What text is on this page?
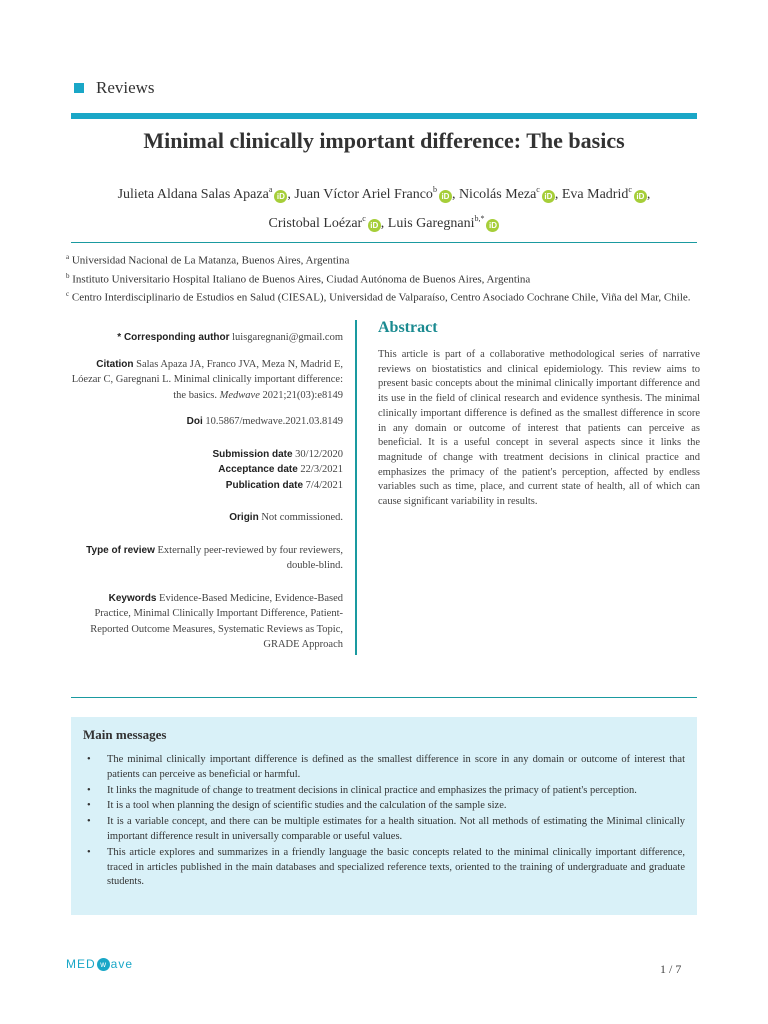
Reviews
Minimal clinically important difference: The basics
Julieta Aldana Salas Apaza$^a$iD , Juan Víctor Ariel Franco$^b$iD , Nicolás Meza$^c$iD , Eva Madrid$^c$iD ,
Cristobal Loézar$^c$iD , Luis Garegnani$^{b,*}$iD
$^a$ Universidad Nacional de La Matanza, Buenos Aires, Argentina
$^b$ Instituto Universitario Hospital Italiano de Buenos Aires, Ciudad Autónoma de Buenos Aires, Argentina
$^c$ Centro Interdisciplinario de Estudios en Salud (CIESAL), Universidad de Valparaíso, Centro Asociado Cochrane Chile, Viña del Mar, Chile.
* Corresponding author luisgaregnani@gmail.com
Citation Salas Apaza JA, Franco JVA, Meza N, Madrid E, Lóezar C, Garegnani L. Minimal clinically important difference: the basics. Medwave 2021;21(03):e8149
Doi 10.5867/medwave.2021.03.8149
Submission date 30/12/2020
Acceptance date 22/3/2021
Publication date 7/4/2021
Origin Not commissioned.
Type of review Externally peer-reviewed by four reviewers, double-blind.
Keywords Evidence-Based Medicine, Evidence-Based Practice, Minimal Clinically Important Difference, Patient-Reported Outcome Measures, Systematic Reviews as Topic, GRADE Approach
Abstract

This article is part of a collaborative methodological series of narrative reviews on biostatistics and clinical epidemiology. This review aims to present basic concepts about the minimal clinically important difference and its use in the field of clinical research and evidence synthesis. The minimal clinically important difference is defined as the smallest difference in score in any domain or outcome of interest that patients can perceive as beneficial. It is a useful concept in several aspects since it links the magnitude of change with treatment decisions in clinical practice and emphasizes the primacy of the patient's perception, affected by endless variables such as time, place, and current state of health, all of which can cause significant variability in results.

Main messages
• The minimal clinically important difference is defined as the smallest difference in score in any domain or outcome of interest that patients can perceive as beneficial or harmful.
• It links the magnitude of change to treatment decisions in clinical practice and emphasizes the primacy of patient's perception.
• It is a tool when planning the design of scientific studies and the calculation of the sample size.
• It is a variable concept, and there can be multiple estimates for a health situation. Not all methods of estimating the Minimal clinically important difference result in universally comparable or useful values.
• This article explores and summarizes in a friendly language the basic concepts related to the minimal clinically important difference, traced in articles published in the main databases and specialized reference texts, oriented to the training of undergraduate and graduate students.
MED w ave	1 / 7
